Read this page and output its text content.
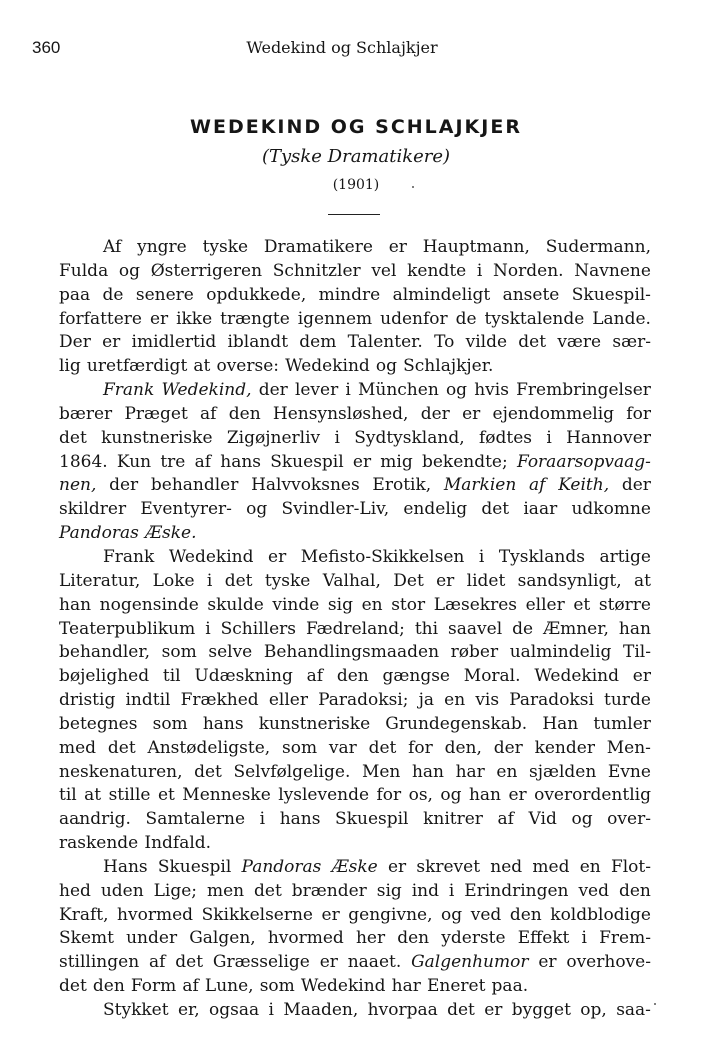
360	Wedekind og Schlajkjer
WEDEKIND OG SCHLAJKJER
(Tyske Dramatikere)
(1901)
Af yngre tyske Dramatikere er Hauptmann, Sudermann,
Fulda og Østerrigeren Schnitzler vel kendte i Norden. Navnene
paa de senere opdukkede, mindre almindeligt ansete Skuespil-
forfattere er ikke trængte igennem udenfor de tysktalende Lande.
Der er imidlertid iblandt dem Talenter. To vilde det være sær-
lig uretfærdigt at overse: Wedekind og Schlajkjer.
Frank Wedekind, der lever i München og hvis Frembringelser
bærer Præget af den Hensynsløshed, der er ejendommelig for
det kunstneriske Zigøjnerliv i Sydtyskland, fødtes i Hannover
1864. Kun tre af hans Skuespil er mig bekendte; Foraarsopvaag-
nen, der behandler Halvvoksnes Erotik, Markien af Keith, der
skildrer Eventyrer- og Svindler-Liv, endelig det iaar udkomne
Pandoras Æske.
Frank Wedekind er Mefisto-Skikkelsen i Tysklands artige
Literatur, Loke i det tyske Valhal, Det er lidet sandsynligt, at
han nogensinde skulde vinde sig en stor Læsekres eller et større
Teaterpublikum i Schillers Fædreland; thi saavel de Æmner, han
behandler, som selve Behandlingsmaaden røber ualmindelig Til-
bøjelighed til Udæskning af den gængse Moral. Wedekind er
dristig indtil Frækhed eller Paradoksi; ja en vis Paradoksi turde
betegnes som hans kunstneriske Grundegenskab. Han tumler
med det Anstødeligste, som var det for den, der kender Men-
neskenaturen, det Selvfølgelige. Men han har en sjælden Evne
til at stille et Menneske lyslevende for os, og han er overordentlig
aandrig. Samtalerne i hans Skuespil knitrer af Vid og over-
raskende Indfald.
Hans Skuespil Pandoras Æske er skrevet ned med en Flot-
hed uden Lige; men det brænder sig ind i Erindringen ved den
Kraft, hvormed Skikkelserne er gengivne, og ved den koldblodige
Skemt under Galgen, hvormed her den yderste Effekt i Frem-
stillingen af det Græsselige er naaet. Galgenhumor er overhove-
det den Form af Lune, som Wedekind har Eneret paa.
Stykket er, ogsaa i Maaden, hvorpaa det er bygget op, saa-
